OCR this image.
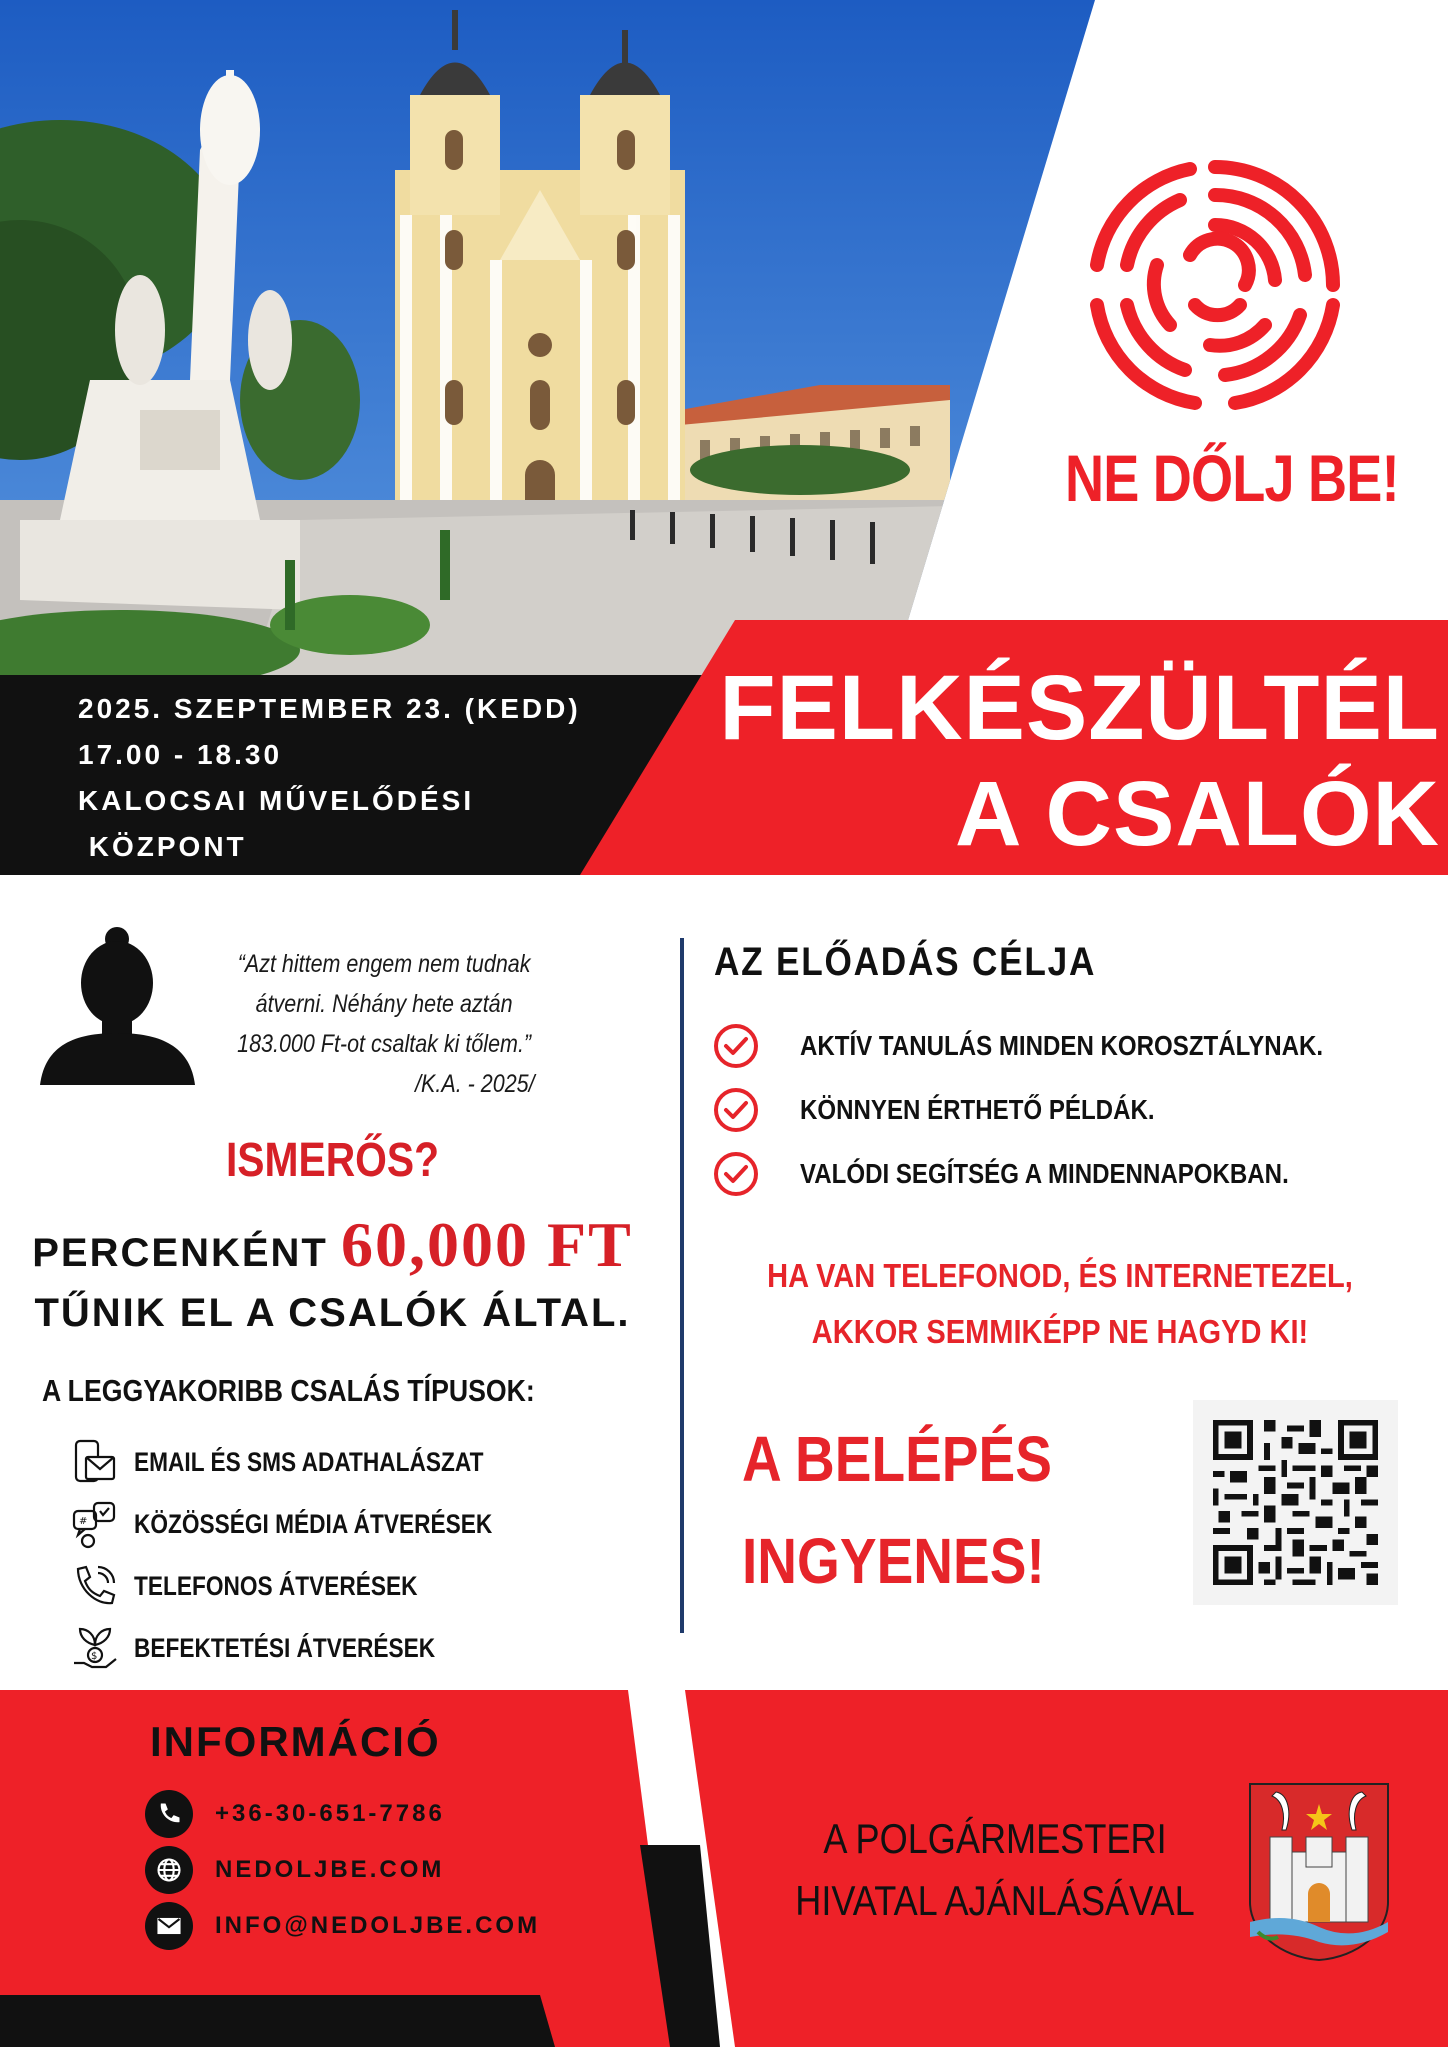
NE DŐLJ BE!
2025. SZEPTEMBER 23. (KEDD)
17.00 - 18.30
KALOCSAI MŰVELŐDÉSI
KÖZPONT
FELKÉSZÜLTÉL
A CSALÓK ELLEN?
“Azt hittem engem nem tudnak
átverni. Néhány hete aztán
183.000 Ft-ot csaltak ki tőlem.”
/K.A. - 2025/
ISMERŐS?
PERCENKÉNT 60,000 FT
TŰNIK EL A CSALÓK ÁLTAL.
A LEGGYAKORIBB CSALÁS TÍPUSOK:
EMAIL ÉS SMS ADATHALÁSZAT
# KÖZÖSSÉGI MÉDIA ÁTVERÉSEK
TELEFONOS ÁTVERÉSEK
$ BEFEKTETÉSI ÁTVERÉSEK
AZ ELŐADÁS CÉLJA
AKTÍV TANULÁS MINDEN KOROSZTÁLYNAK.
KÖNNYEN ÉRTHETŐ PÉLDÁK.
VALÓDI SEGÍTSÉG A MINDENNAPOKBAN.
HA VAN TELEFONOD, ÉS INTERNETEZEL,
AKKOR SEMMIKÉPP NE HAGYD KI!
A BELÉPÉS
INGYENES!
INFORMÁCIÓ
+36-30-651-7786
NEDOLJBE.COM
INFO@NEDOLJBE.COM
A POLGÁRMESTERI
HIVATAL AJÁNLÁSÁVAL
